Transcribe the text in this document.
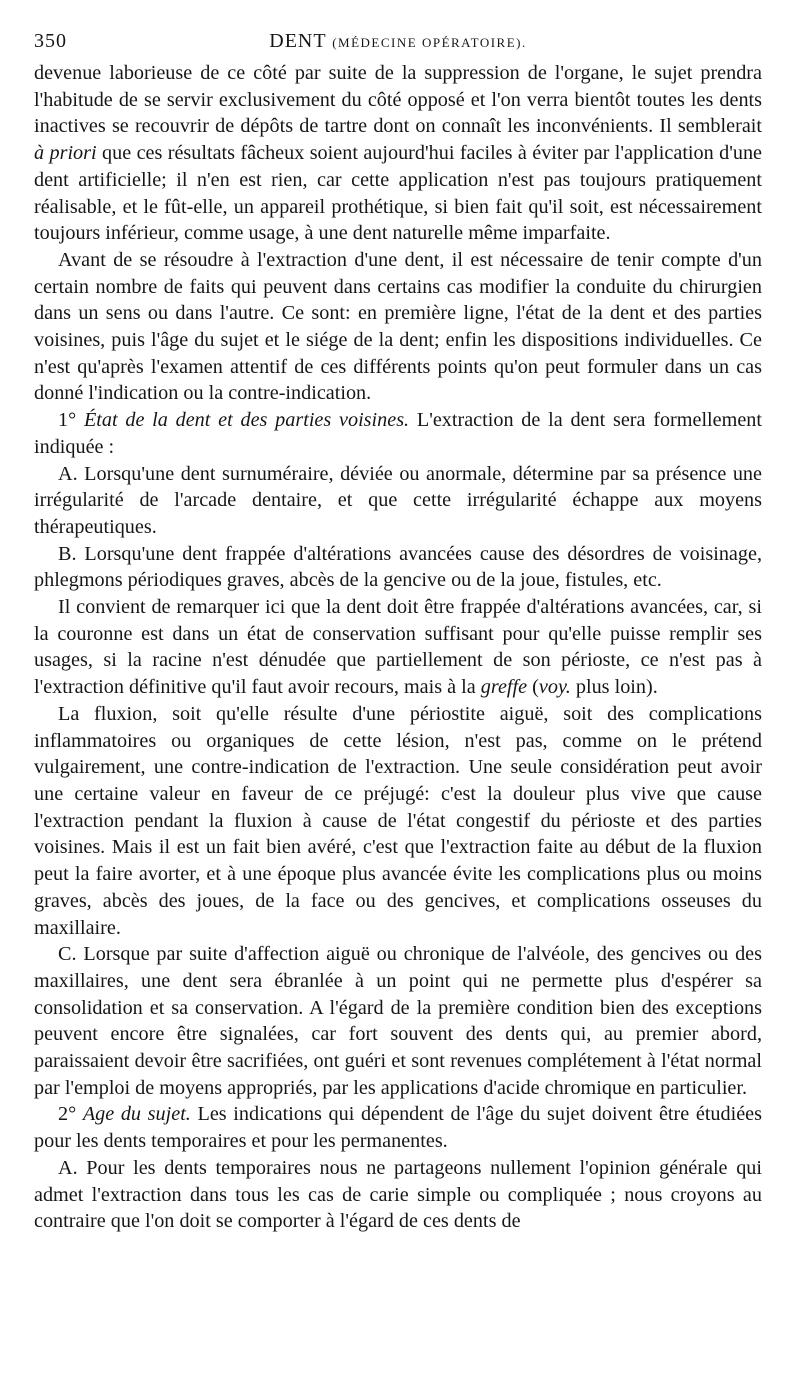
350	DENT (MÉDECINE OPÉRATOIRE).

devenue laborieuse de ce côté par suite de la suppression de l'organe, le sujet prendra l'habitude de se servir exclusivement du côté opposé et l'on verra bientôt toutes les dents inactives se recouvrir de dépôts de tartre dont on connaît les inconvénients. Il semblerait à priori que ces résultats fâcheux soient aujourd'hui faciles à éviter par l'application d'une dent artificielle; il n'en est rien, car cette application n'est pas toujours pratiquement réalisable, et le fût-elle, un appareil prothétique, si bien fait qu'il soit, est nécessairement toujours inférieur, comme usage, à une dent naturelle même imparfaite.

Avant de se résoudre à l'extraction d'une dent, il est nécessaire de tenir compte d'un certain nombre de faits qui peuvent dans certains cas modifier la conduite du chirurgien dans un sens ou dans l'autre. Ce sont: en première ligne, l'état de la dent et des parties voisines, puis l'âge du sujet et le siége de la dent; enfin les dispositions individuelles. Ce n'est qu'après l'examen attentif de ces différents points qu'on peut formuler dans un cas donné l'indication ou la contre-indication.

1° État de la dent et des parties voisines. L'extraction de la dent sera formellement indiquée :

A. Lorsqu'une dent surnuméraire, déviée ou anormale, détermine par sa présence une irrégularité de l'arcade dentaire, et que cette irrégularité échappe aux moyens thérapeutiques.

B. Lorsqu'une dent frappée d'altérations avancées cause des désordres de voisinage, phlegmons périodiques graves, abcès de la gencive ou de la joue, fistules, etc.

Il convient de remarquer ici que la dent doit être frappée d'altérations avancées, car, si la couronne est dans un état de conservation suffisant pour qu'elle puisse remplir ses usages, si la racine n'est dénudée que partiellement de son périoste, ce n'est pas à l'extraction définitive qu'il faut avoir recours, mais à la greffe (voy. plus loin).

La fluxion, soit qu'elle résulte d'une périostite aiguë, soit des complications inflammatoires ou organiques de cette lésion, n'est pas, comme on le prétend vulgairement, une contre-indication de l'extraction. Une seule considération peut avoir une certaine valeur en faveur de ce préjugé: c'est la douleur plus vive que cause l'extraction pendant la fluxion à cause de l'état congestif du périoste et des parties voisines. Mais il est un fait bien avéré, c'est que l'extraction faite au début de la fluxion peut la faire avorter, et à une époque plus avancée évite les complications plus ou moins graves, abcès des joues, de la face ou des gencives, et complications osseuses du maxillaire.

C. Lorsque par suite d'affection aiguë ou chronique de l'alvéole, des gencives ou des maxillaires, une dent sera ébranlée à un point qui ne permette plus d'espérer sa consolidation et sa conservation. A l'égard de la première condition bien des exceptions peuvent encore être signalées, car fort souvent des dents qui, au premier abord, paraissaient devoir être sacrifiées, ont guéri et sont revenues complétement à l'état normal par l'emploi de moyens appropriés, par les applications d'acide chromique en particulier.

2° Age du sujet. Les indications qui dépendent de l'âge du sujet doivent être étudiées pour les dents temporaires et pour les permanentes.

A. Pour les dents temporaires nous ne partageons nullement l'opinion générale qui admet l'extraction dans tous les cas de carie simple ou compliquée ; nous croyons au contraire que l'on doit se comporter à l'égard de ces dents de
